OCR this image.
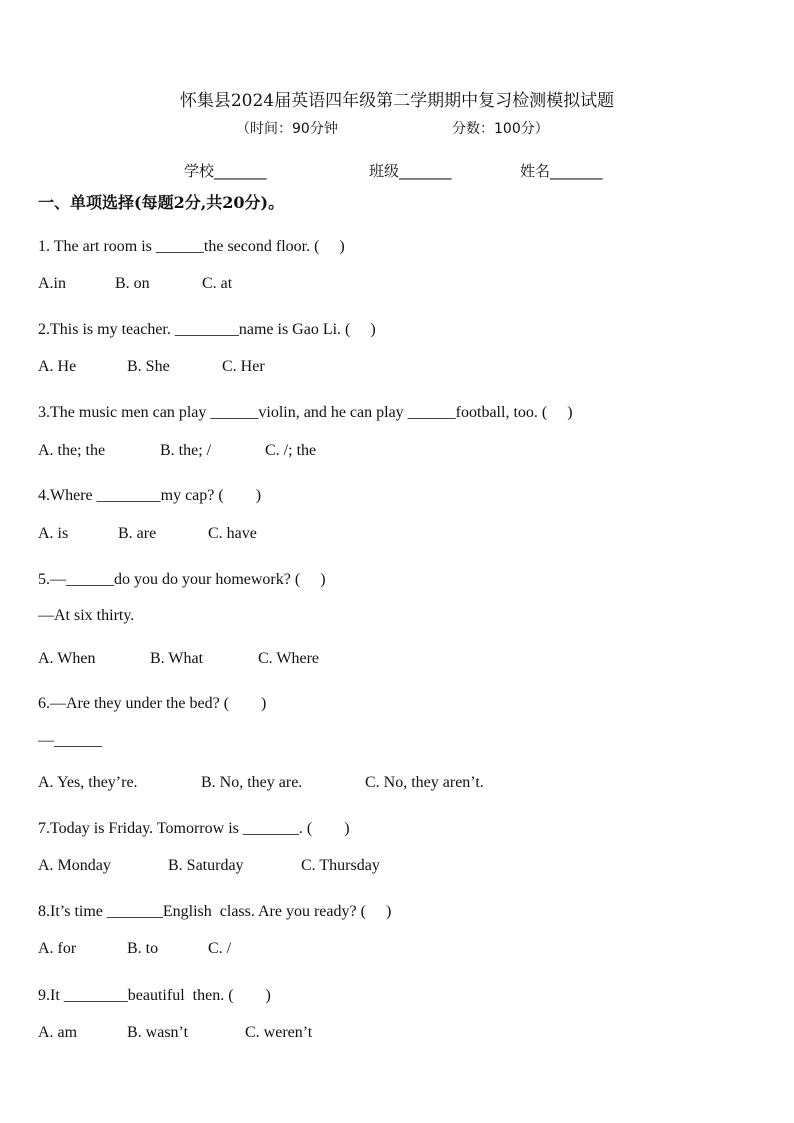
怀集县2024届英语四年级第二学期期中复习检测模拟试题
（时间：90分钟	分数：100分）
学校_______	班级_______	姓名_______
一、单项选择(每题2分,共20分)。
1. The art room is ______the second floor. (　 )
A.in	B. on	C. at
2.This is my teacher. ________name is Gao Li. (　 )
A. He	B. She	C. Her
3.The music men can play ______violin, and he can play ______football, too. (　 )
A. the; the	B. the; /	C. /; the
4.Where ________my cap? (　　)
A. is	B. are	C. have
5.—______do you do your homework? (　 )
—At six thirty.
A. When	B. What	C. Where
6.—Are they under the bed? (　　)
—______
A. Yes, they’re.	B. No, they are.	C. No, they aren’t.
7.Today is Friday. Tomorrow is _______. (　　)
A. Monday	B. Saturday	C. Thursday
8.It’s time _______English  class. Are you ready? (　 )
A. for	B. to	C. /
9.It ________beautiful  then. (　　)
A. am	B. wasn’t	C. weren’t
